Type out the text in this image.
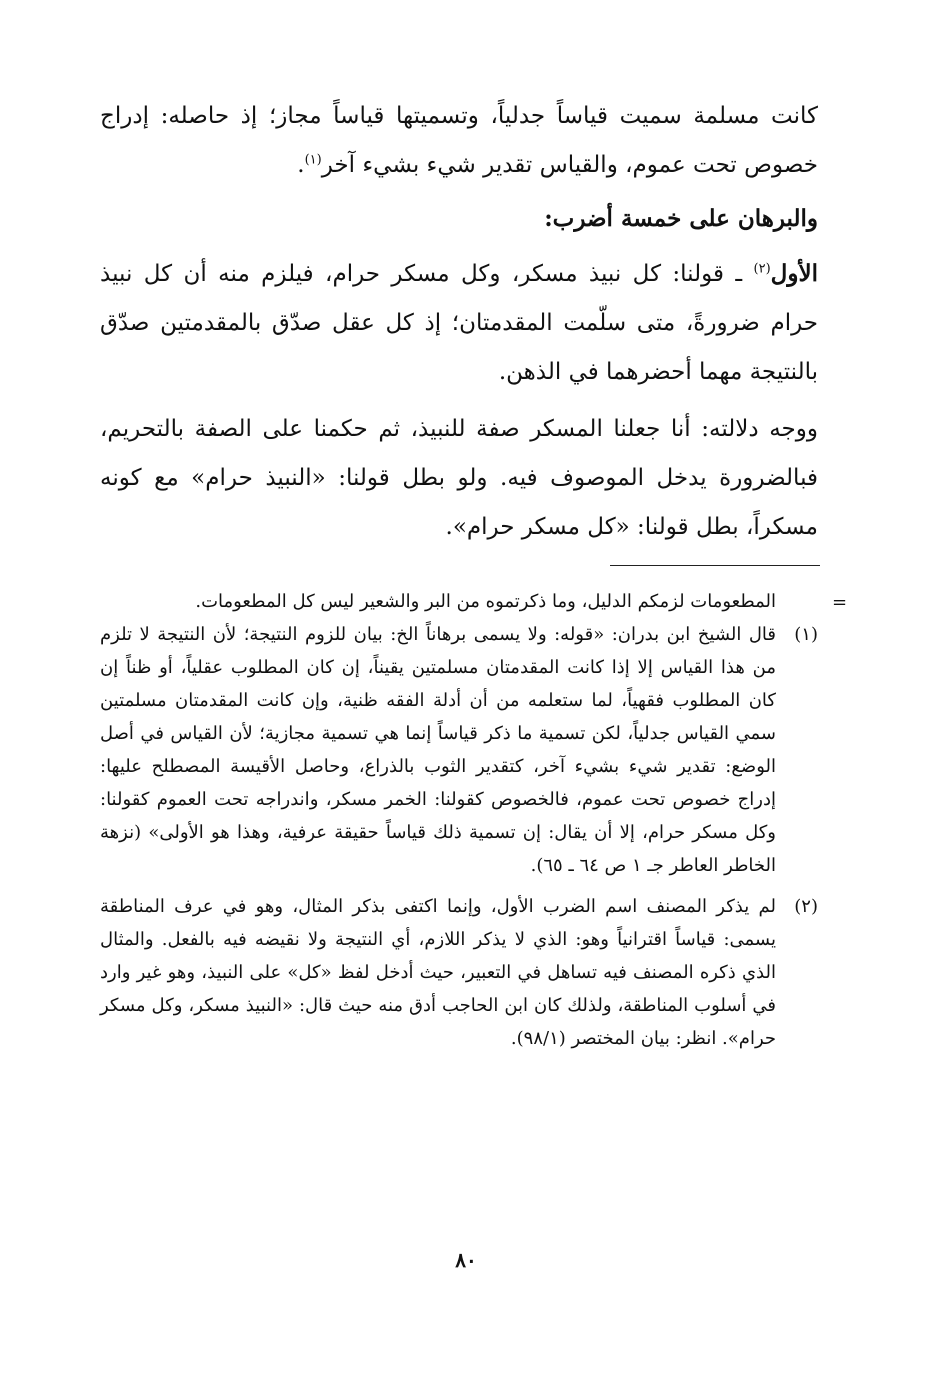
كانت مسلمة سميت قياساً جدلياً، وتسميتها قياساً مجاز؛ إذ حاصله: إدراج خصوص تحت عموم، والقياس تقدير شيء بشيء آخر$^{(١)}$.

والبرهان على خمسة أضرب:

الأول$^{(٢)}$ ـ قولنا: كل نبيذ مسكر، وكل مسكر حرام، فيلزم منه أن كل نبيذ حرام ضرورةً، متى سلّمت المقدمتان؛ إذ كل عقل صدّق بالمقدمتين صدّق بالنتيجة مهما أحضرهما في الذهن.

ووجه دلالته: أنا جعلنا المسكر صفة للنبيذ، ثم حكمنا على الصفة بالتحريم، فبالضرورة يدخل الموصوف فيه. ولو بطل قولنا: «النبيذ حرام» مع كونه مسكراً، بطل قولنا: «كل مسكر حرام».

=

المطعومات لزمكم الدليل، وما ذكرتموه من البر والشعير ليس كل المطعومات.

(١)

قال الشيخ ابن بدران: «قوله: ولا يسمى برهاناً الخ: بيان للزوم النتيجة؛ لأن النتيجة لا تلزم من هذا القياس إلا إذا كانت المقدمتان مسلمتين يقيناً، إن كان المطلوب عقلياً، أو ظناً إن كان المطلوب فقهياً، لما ستعلمه من أن أدلة الفقه ظنية، وإن كانت المقدمتان مسلمتين سمي القياس جدلياً، لكن تسمية ما ذكر قياساً إنما هي تسمية مجازية؛ لأن القياس في أصل الوضع: تقدير شيء بشيء آخر، كتقدير الثوب بالذراع، وحاصل الأقيسة المصطلح عليها: إدراج خصوص تحت عموم، فالخصوص كقولنا: الخمر مسكر، واندراجه تحت العموم كقولنا: وكل مسكر حرام، إلا أن يقال: إن تسمية ذلك قياساً حقيقة عرفية، وهذا هو الأولى» (نزهة الخاطر العاطر جـ ١ ص ٦٤ ـ ٦٥).

(٢)

لم يذكر المصنف اسم الضرب الأول، وإنما اكتفى بذكر المثال، وهو في عرف المناطقة يسمى: قياساً اقترانياً وهو: الذي لا يذكر اللازم، أي النتيجة ولا نقيضه فيه بالفعل. والمثال الذي ذكره المصنف فيه تساهل في التعبير، حيث أدخل لفظ «كل» على النبيذ، وهو غير وارد في أسلوب المناطقة، ولذلك كان ابن الحاجب أدق منه حيث قال: «النبيذ مسكر، وكل مسكر حرام». انظر: بيان المختصر (٩٨/١).

٨٠
